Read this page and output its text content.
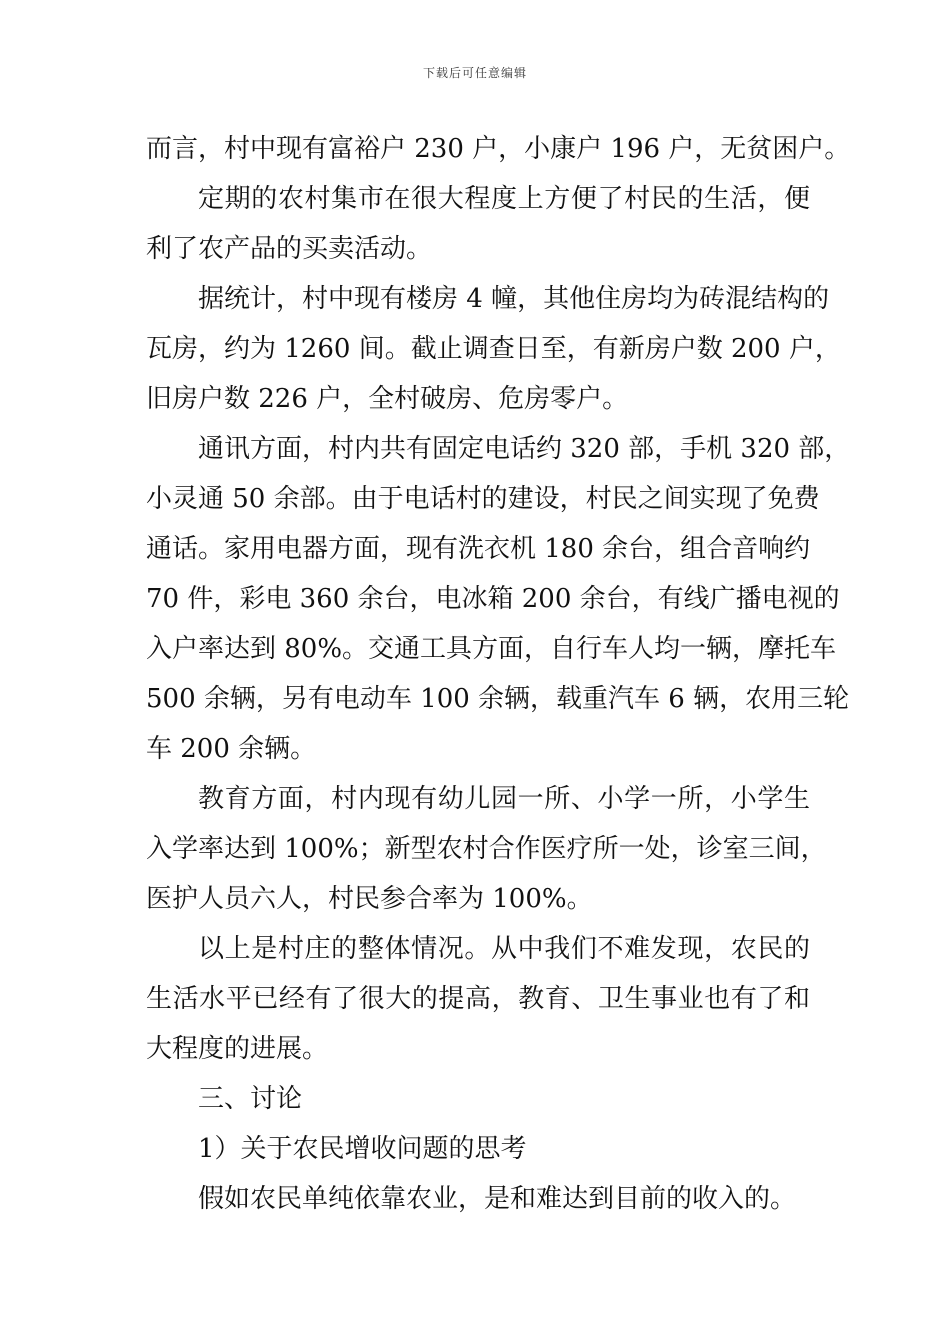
下载后可任意编辑
而言，村中现有富裕户 230 户，小康户 196 户，无贫困户。
定期的农村集市在很大程度上方便了村民的生活，便
利了农产品的买卖活动。
据统计，村中现有楼房 4 幢，其他住房均为砖混结构的
瓦房，约为 1260 间。截止调查日至，有新房户数 200 户，
旧房户数 226 户，全村破房、危房零户。
通讯方面，村内共有固定电话约 320 部，手机 320 部，
小灵通 50 余部。由于电话村的建设，村民之间实现了免费
通话。家用电器方面，现有洗衣机 180 余台，组合音响约
70 件，彩电 360 余台，电冰箱 200 余台，有线广播电视的
入户率达到 80%。交通工具方面，自行车人均一辆，摩托车
500 余辆，另有电动车 100 余辆，载重汽车 6 辆，农用三轮
车 200 余辆。
教育方面，村内现有幼儿园一所、小学一所，小学生
入学率达到 100%；新型农村合作医疗所一处，诊室三间，
医护人员六人，村民参合率为 100%。
以上是村庄的整体情况。从中我们不难发现，农民的
生活水平已经有了很大的提高，教育、卫生事业也有了和
大程度的进展。
三、讨论
1）关于农民增收问题的思考
假如农民单纯依靠农业，是和难达到目前的收入的。
